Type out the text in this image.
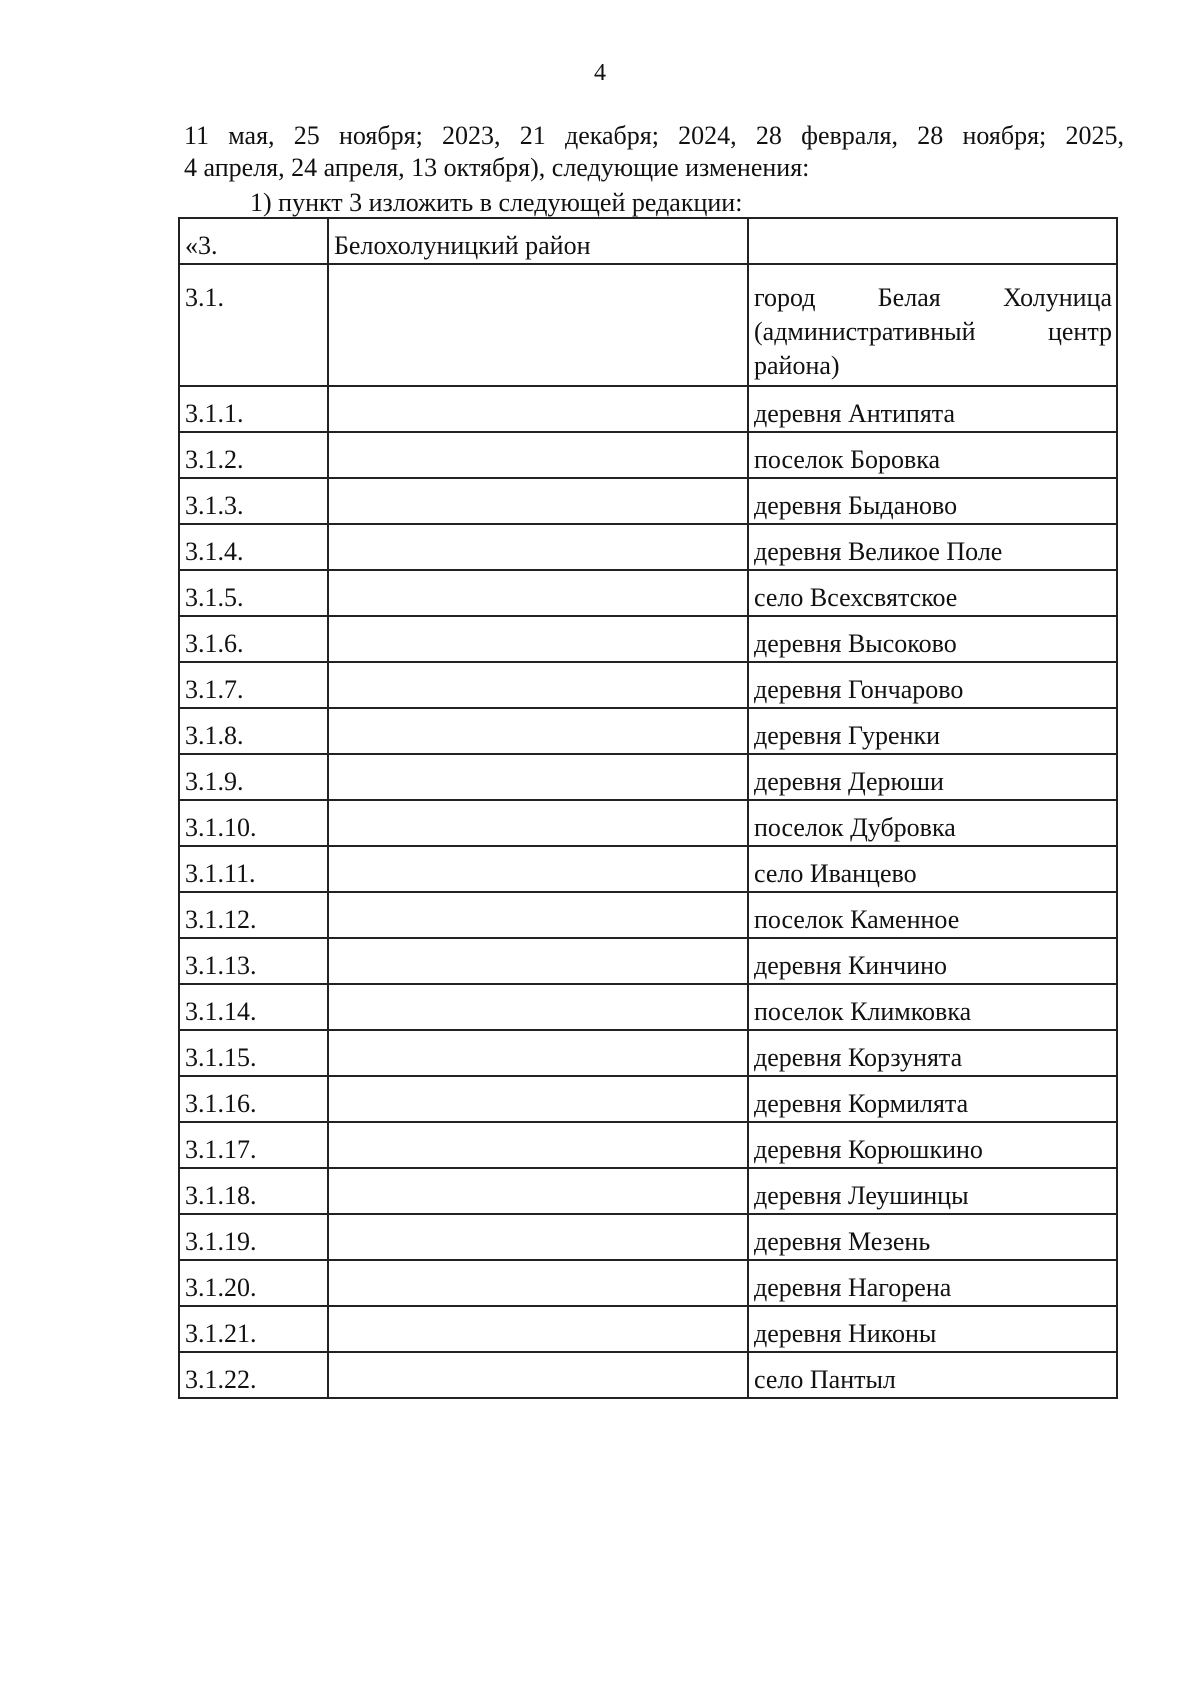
4
11 мая, 25 ноября; 2023, 21 декабря; 2024, 28 февраля, 28 ноября; 2025,
4 апреля, 24 апреля, 13 октября), следующие изменения:
1) пункт 3 изложить в следующей редакции:
«3.	Белохолуницкий район	
3.1.		город Белая Холуница
(административный центр
района)

3.1.1.		деревня Антипята
3.1.2.		поселок Боровка
3.1.3.		деревня Быданово
3.1.4.		деревня Великое Поле
3.1.5.		село Всехсвятское
3.1.6.		деревня Высоково
3.1.7.		деревня Гончарово
3.1.8.		деревня Гуренки
3.1.9.		деревня Дерюши
3.1.10.		поселок Дубровка
3.1.11.		село Иванцево
3.1.12.		поселок Каменное
3.1.13.		деревня Кинчино
3.1.14.		поселок Климковка
3.1.15.		деревня Корзунята
3.1.16.		деревня Кормилята
3.1.17.		деревня Корюшкино
3.1.18.		деревня Леушинцы
3.1.19.		деревня Мезень
3.1.20.		деревня Нагорена
3.1.21.		деревня Никоны
3.1.22.		село Пантыл
